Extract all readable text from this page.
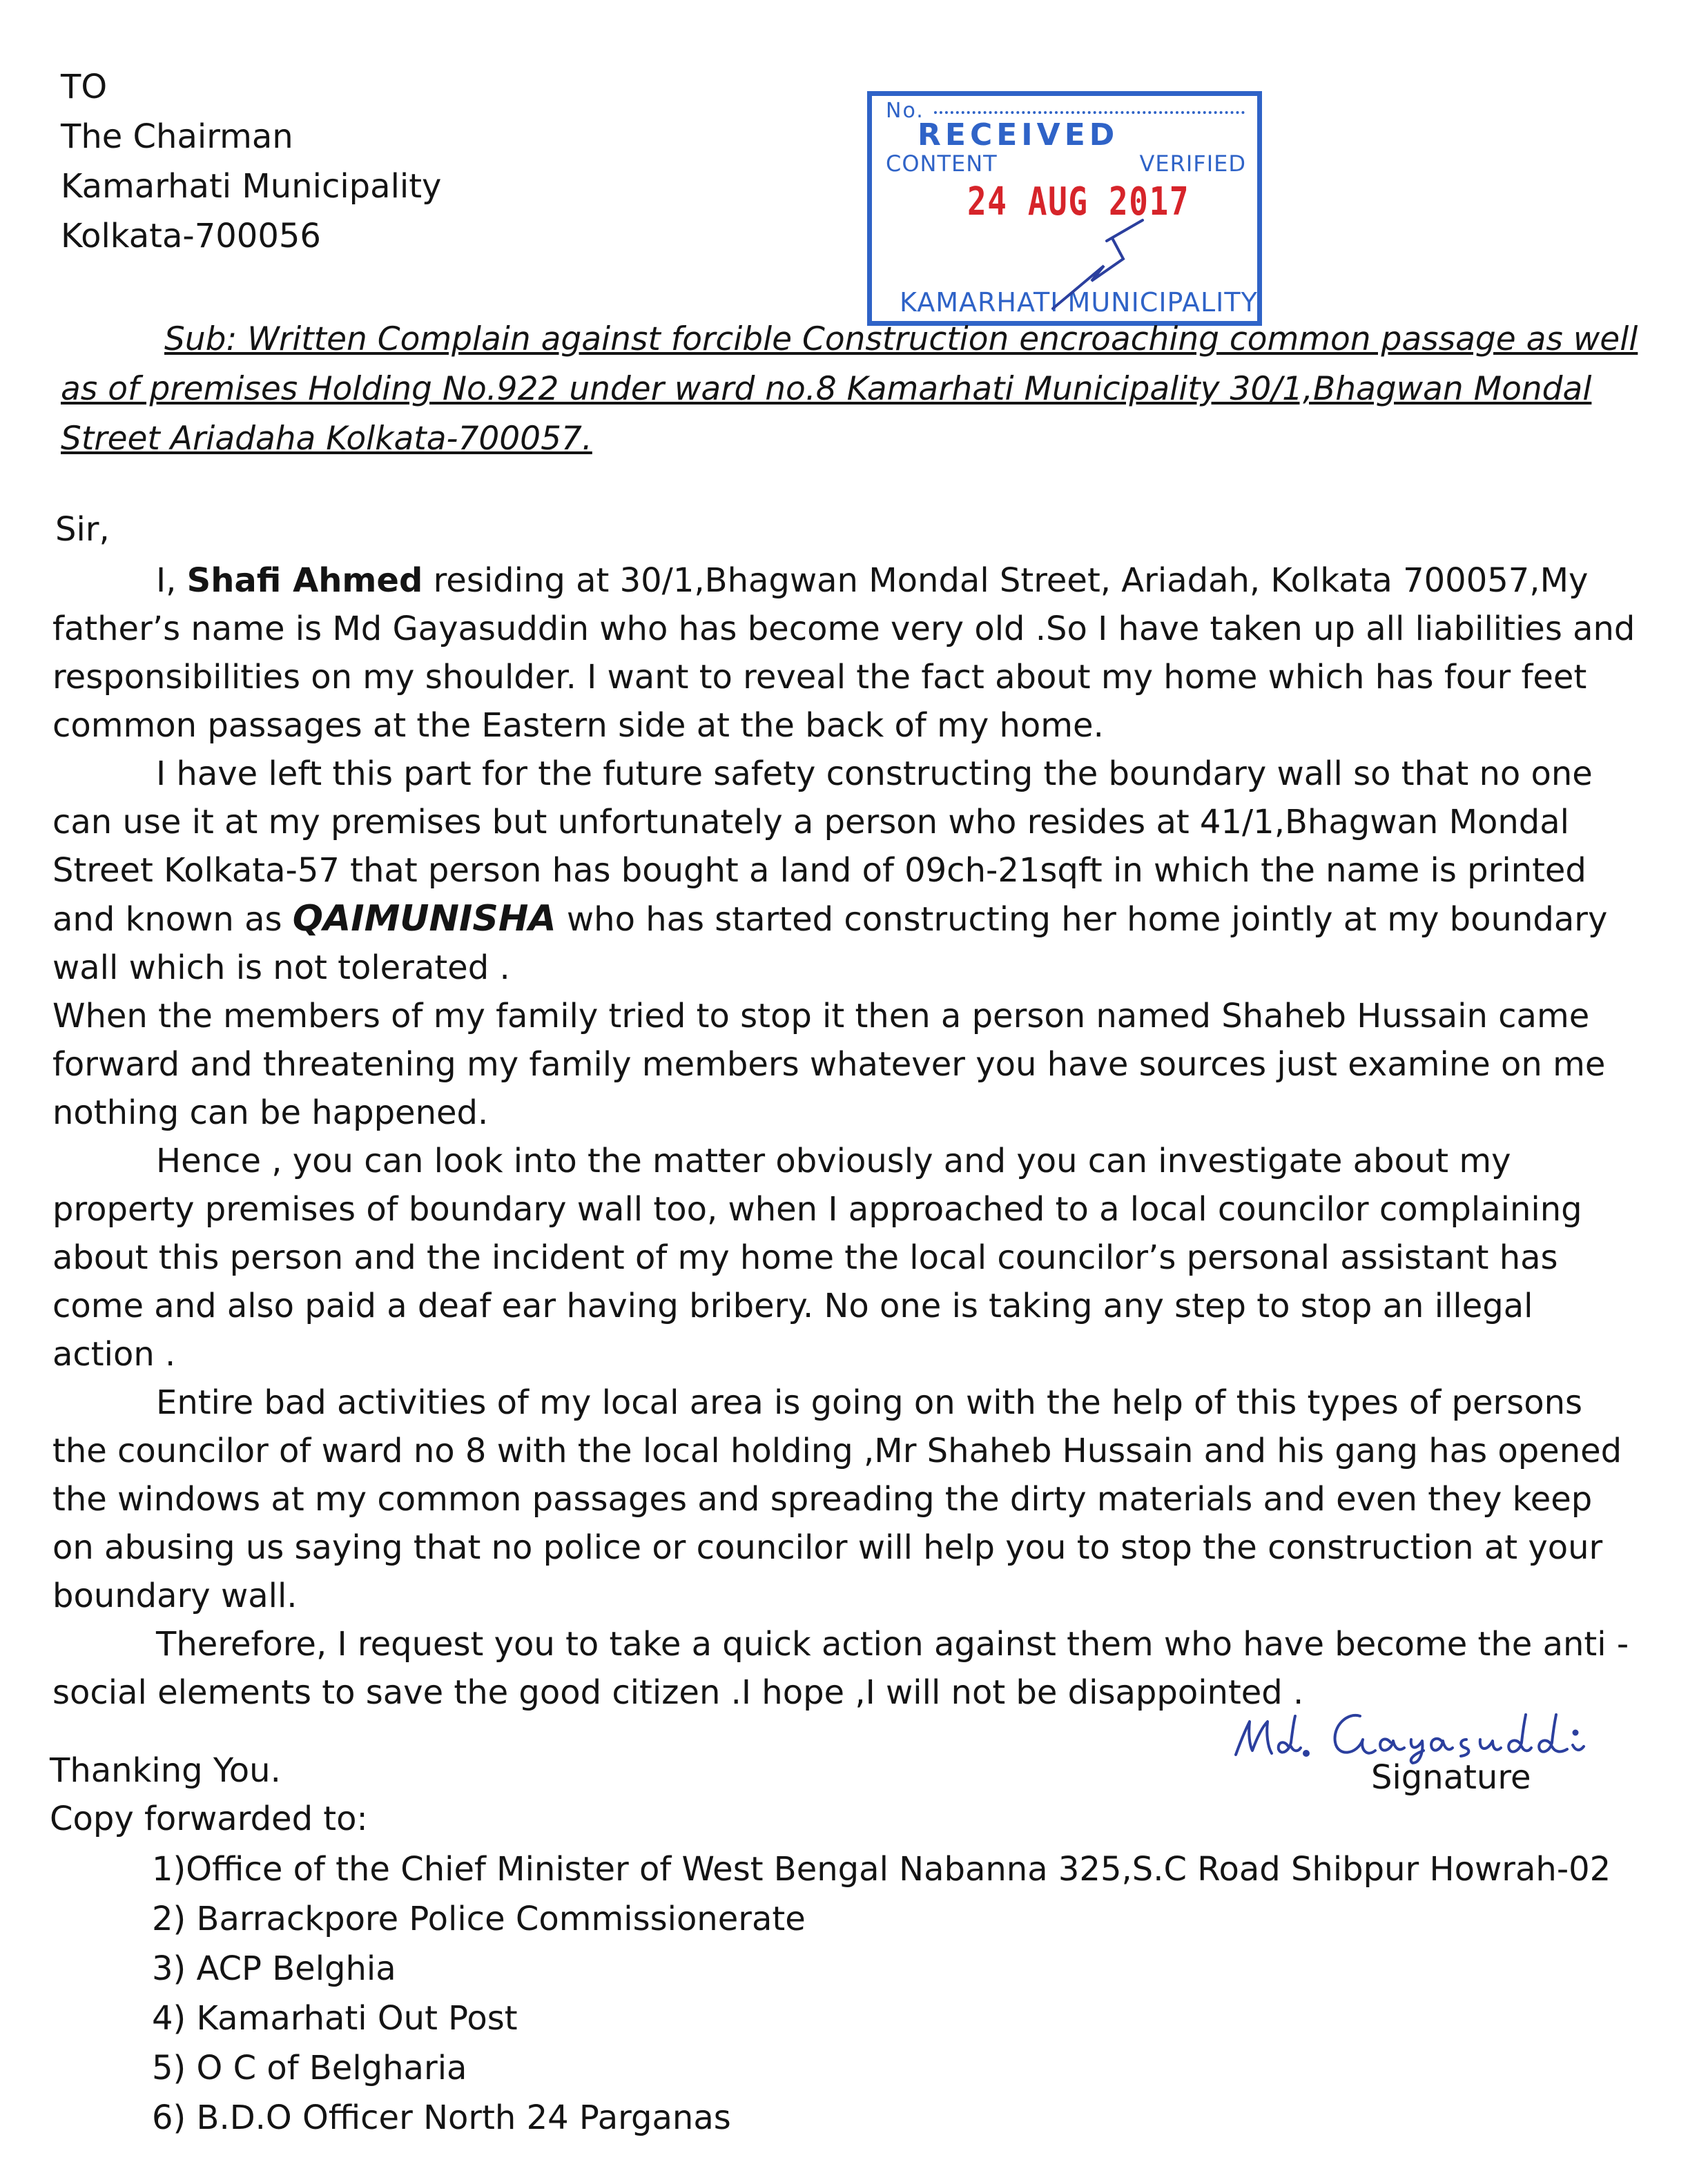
TO
The Chairman
Kamarhati Municipality
Kolkata-700056
No.
RECEIVED
CONTENT	VERIFIED
24 AUG 2017
KAMARHATI MUNICIPALITY
Sub: Written Complain against forcible Construction encroaching common passage as well as of premises Holding No.922 under ward no.8 Kamarhati Municipality 30/1,Bhagwan Mondal Street Ariadaha Kolkata-700057.
Sir,

I, Shafi Ahmed residing at 30/1,Bhagwan Mondal Street, Ariadah, Kolkata 700057,My father’s name is Md Gayasuddin who has become very old .So I have taken up all liabilities and responsibilities on my shoulder. I want to reveal the fact about my home which has four feet common passages at the Eastern side at the back of my home.

I have left this part for the future safety constructing the boundary wall so that no one can use it at my premises but unfortunately a person who resides at 41/1,Bhagwan Mondal Street Kolkata-57 that person has bought a land of 09ch-21sqft in which the name is printed and known as QAIMUNISHA who has started constructing her home jointly at my boundary wall which is not tolerated .

When the members of my family tried to stop it then a person named Shaheb Hussain came forward and threatening my family members whatever you have sources just examine on me nothing can be happened.

Hence , you can look into the matter obviously and you can investigate about my property premises of boundary wall too, when I approached to a local councilor complaining about this person and the incident of my home the local councilor’s personal assistant has come and also paid a deaf ear having bribery. No one is taking any step to stop an illegal action .

Entire bad activities of my local area is going on with the help of this types of persons the councilor of ward no 8 with the local holding ,Mr Shaheb Hussain and his gang has opened the windows at my common passages and spreading the dirty materials and even they keep on abusing us saying that no police or councilor will help you to stop the construction at your boundary wall.

Therefore, I request you to take a quick action against them who have become the anti - social elements to save the good citizen .I hope ,I will not be disappointed .

Signature
Thanking You.
Copy forwarded to:
1)Office of the Chief Minister of West Bengal Nabanna 325,S.C Road Shibpur Howrah-02
2) Barrackpore Police Commissionerate
3) ACP Belghia
4) Kamarhati Out Post
5) O C of Belgharia
6) B.D.O Officer North 24 Parganas
